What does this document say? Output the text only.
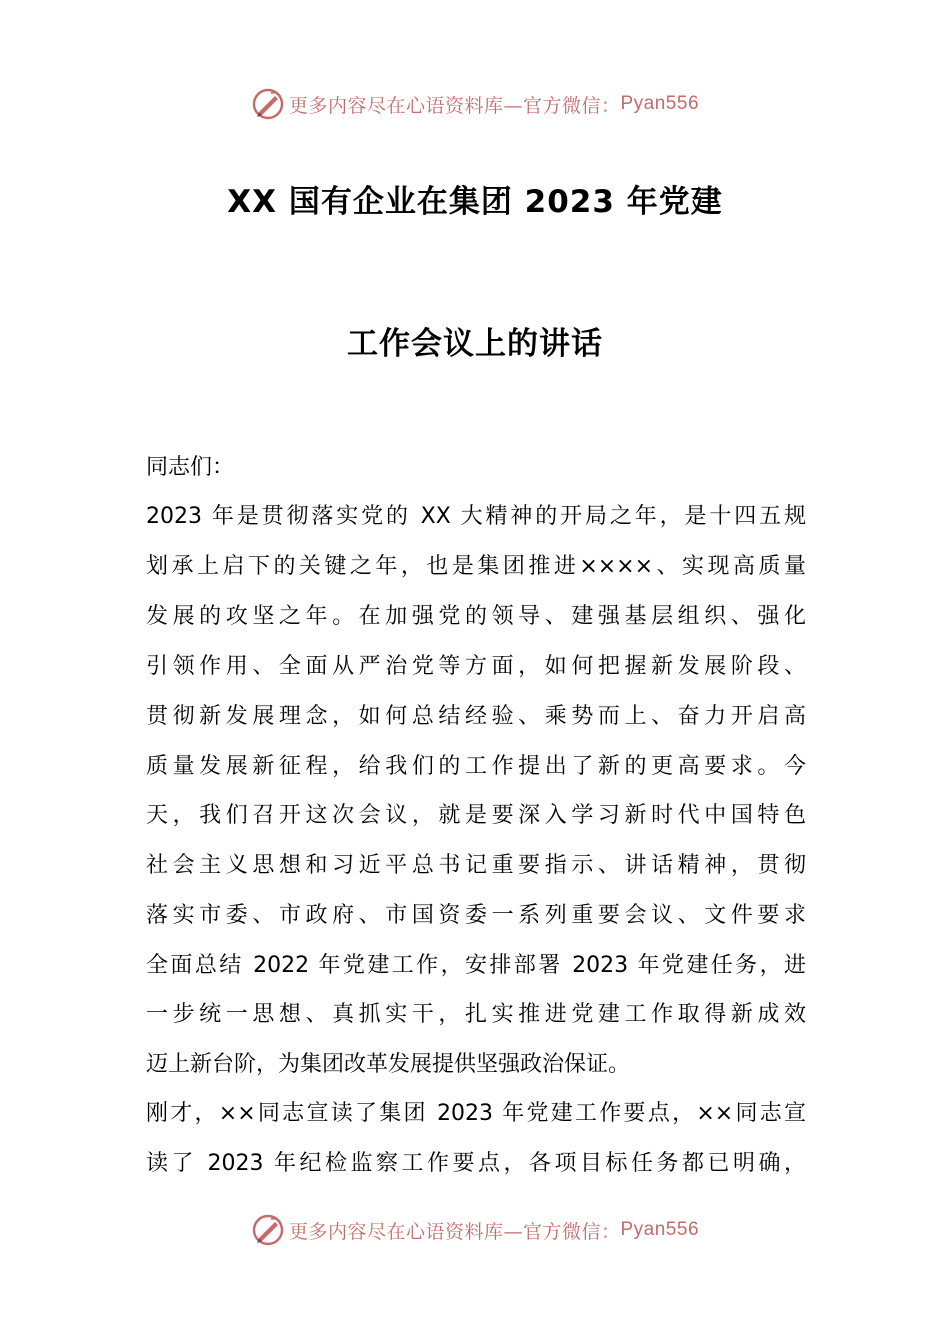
更多内容尽在心语资料库—官方微信： Pyan556
XX 国有企业在集团 2023 年党建
工作会议上的讲话
同志们：
2023 年是贯彻落实党的 XX 大精神的开局之年，是十四五规
划承上启下的关键之年，也是集团推进××××、实现高质量
发展的攻坚之年。在加强党的领导、建强基层组织、强化
引领作用、全面从严治党等方面，如何把握新发展阶段、
贯彻新发展理念，如何总结经验、乘势而上、奋力开启高
质量发展新征程，给我们的工作提出了新的更高要求。今
天，我们召开这次会议，就是要深入学习新时代中国特色
社会主义思想和习近平总书记重要指示、讲话精神，贯彻
落实市委、市政府、市国资委一系列重要会议、文件要求
全面总结 2022 年党建工作，安排部署 2023 年党建任务，进
一步统一思想、真抓实干，扎实推进党建工作取得新成效
迈上新台阶，为集团改革发展提供坚强政治保证。
刚才，××同志宣读了集团 2023 年党建工作要点，××同志宣
读了 2023 年纪检监察工作要点，各项目标任务都已明确，
更多内容尽在心语资料库—官方微信： Pyan556
